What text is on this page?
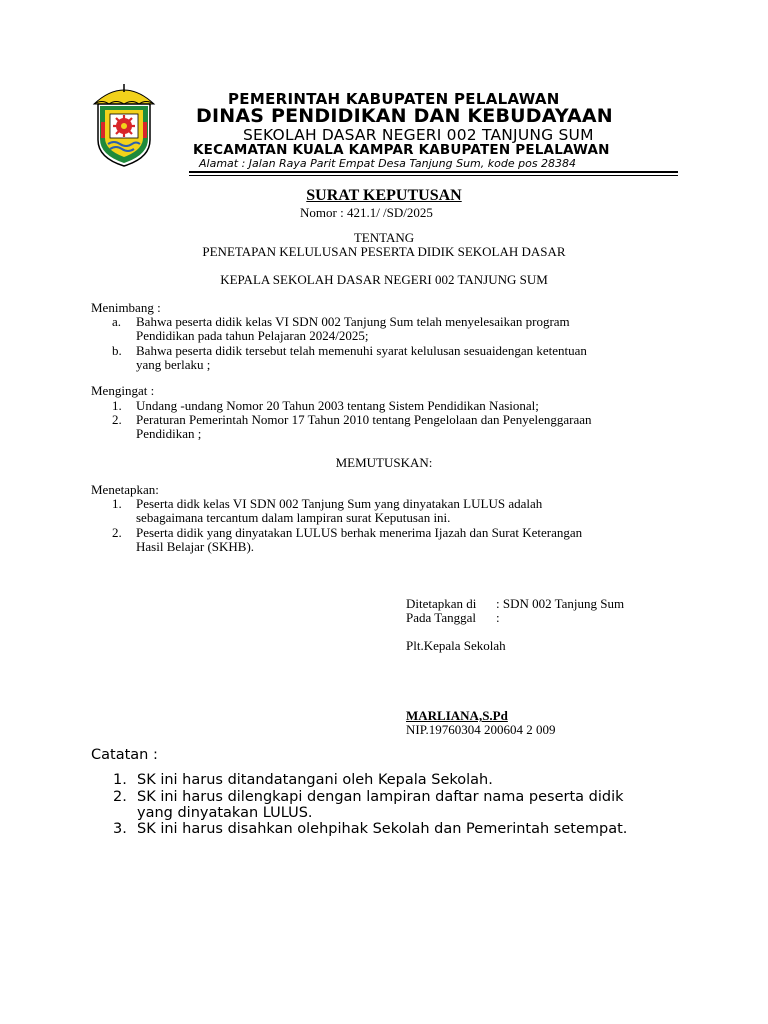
PEMERINTAH KABUPATEN PELALAWAN
DINAS PENDIDIKAN DAN KEBUDAYAAN
SEKOLAH DASAR NEGERI 002 TANJUNG SUM
KECAMATAN KUALA KAMPAR KABUPATEN PELALAWAN
Alamat : Jalan Raya Parit Empat Desa Tanjung Sum, kode pos 28384
SURAT KEPUTUSAN
Nomor : 421.1/ /SD/2025
TENTANG
PENETAPAN KELULUSAN PESERTA DIDIK SEKOLAH DASAR
KEPALA SEKOLAH DASAR NEGERI 002 TANJUNG SUM
Menimbang :
a. Bahwa peserta didik kelas VI SDN 002 Tanjung Sum telah menyelesaikan program
Pendidikan pada tahun Pelajaran 2024/2025;
b. Bahwa peserta didik tersebut telah memenuhi syarat kelulusan sesuaidengan ketentuan
yang berlaku ;
Mengingat :
1. Undang -undang Nomor 20 Tahun 2003 tentang Sistem Pendidikan Nasional;
2. Peraturan Pemerintah Nomor 17 Tahun 2010 tentang Pengelolaan dan Penyelenggaraan
Pendidikan ;
MEMUTUSKAN:
Menetapkan:
1. Peserta didk kelas VI SDN 002 Tanjung Sum yang dinyatakan LULUS adalah
sebagaimana tercantum dalam lampiran surat Keputusan ini.
2. Peserta didik yang dinyatakan LULUS berhak menerima Ijazah dan Surat Keterangan
Hasil Belajar (SKHB).
Ditetapkan di : SDN 002 Tanjung Sum
Pada Tanggal :
Plt.Kepala Sekolah
MARLIANA,S.Pd
NIP.19760304 200604 2 009
Catatan :
1. SK ini harus ditandatangani oleh Kepala Sekolah.
2. SK ini harus dilengkapi dengan lampiran daftar nama peserta didik
yang dinyatakan LULUS.
3. SK ini harus disahkan olehpihak Sekolah dan Pemerintah setempat.
